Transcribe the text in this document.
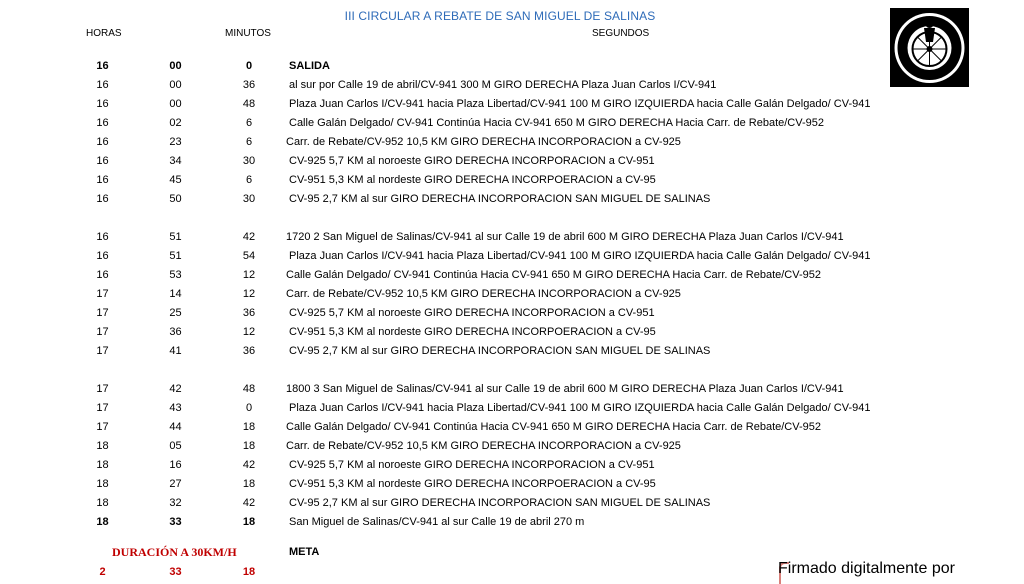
III CIRCULAR A REBATE DE SAN MIGUEL DE SALINAS
HORAS	MINUTOS	SEGUNDOS
16	00	0	SALIDA
16	00	36	al sur por Calle 19 de abril/CV-941 300 M GIRO DERECHA Plaza Juan Carlos I/CV-941
16	00	48	Plaza Juan Carlos I/CV-941 hacia Plaza Libertad/CV-941 100 M GIRO IZQUIERDA hacia Calle Galán Delgado/ CV-941
16	02	6	Calle Galán Delgado/ CV-941 Continúa Hacia CV-941 650 M GIRO DERECHA Hacia Carr. de Rebate/CV-952
16	23	6	Carr. de Rebate/CV-952 10,5 KM GIRO DERECHA INCORPORACION a CV-925
16	34	30	CV-925 5,7 KM al noroeste GIRO DERECHA INCORPORACION a CV-951
16	45	6	CV-951 5,3 KM al nordeste GIRO DERECHA INCORPOERACION a CV-95
16	50	30	CV-95 2,7 KM al sur GIRO DERECHA INCORPORACION SAN MIGUEL DE SALINAS
16	51	42	1720 2 San Miguel de Salinas/CV-941 al sur Calle 19 de abril 600 M GIRO DERECHA Plaza Juan Carlos I/CV-941
16	51	54	Plaza Juan Carlos I/CV-941 hacia Plaza Libertad/CV-941 100 M GIRO IZQUIERDA hacia Calle Galán Delgado/ CV-941
16	53	12	Calle Galán Delgado/ CV-941 Continúa Hacia CV-941 650 M GIRO DERECHA Hacia Carr. de Rebate/CV-952
17	14	12	Carr. de Rebate/CV-952 10,5 KM GIRO DERECHA INCORPORACION a CV-925
17	25	36	CV-925 5,7 KM al noroeste GIRO DERECHA INCORPORACION a CV-951
17	36	12	CV-951 5,3 KM al nordeste GIRO DERECHA INCORPOERACION a CV-95
17	41	36	CV-95 2,7 KM al sur GIRO DERECHA INCORPORACION SAN MIGUEL DE SALINAS
17	42	48	1800 3 San Miguel de Salinas/CV-941 al sur Calle 19 de abril 600 M GIRO DERECHA Plaza Juan Carlos I/CV-941
17	43	0	Plaza Juan Carlos I/CV-941 hacia Plaza Libertad/CV-941 100 M GIRO IZQUIERDA hacia Calle Galán Delgado/ CV-941
17	44	18	Calle Galán Delgado/ CV-941 Continúa Hacia CV-941 650 M GIRO DERECHA Hacia Carr. de Rebate/CV-952
18	05	18	Carr. de Rebate/CV-952 10,5 KM GIRO DERECHA INCORPORACION a CV-925
18	16	42	CV-925 5,7 KM al noroeste GIRO DERECHA INCORPORACION a CV-951
18	27	18	CV-951 5,3 KM al nordeste GIRO DERECHA INCORPOERACION a CV-95
18	32	42	CV-95 2,7 KM al sur GIRO DERECHA INCORPORACION SAN MIGUEL DE SALINAS
18	33	18	San Miguel de Salinas/CV-941 al sur Calle 19 de abril 270 m
DURACIÓN A 30KM/H	META
2	33	18	Firmado digitalmente por
